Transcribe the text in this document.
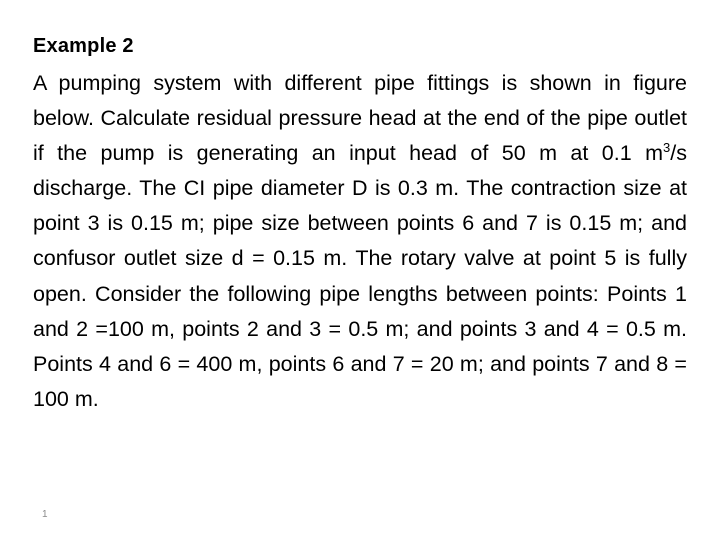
Example 2

A pumping system with different pipe fittings is shown in figure below. Calculate residual pressure head at the end of the pipe outlet if the pump is generating an input head of 50 m at 0.1 $m^3/s$ discharge. The CI pipe diameter D is 0.3 m. The contraction size at point 3 is 0.15 m; pipe size between points 6 and 7 is 0.15 m; and confusor outlet size d = 0.15 m. The rotary valve at point 5 is fully open. Consider the following pipe lengths between points: Points 1 and 2 =100 m, points 2 and 3 = 0.5 m; and points 3 and 4 = 0.5 m. Points 4 and 6 = 400 m, points 6 and 7 = 20 m; and points 7 and 8 = 100 m.

1
